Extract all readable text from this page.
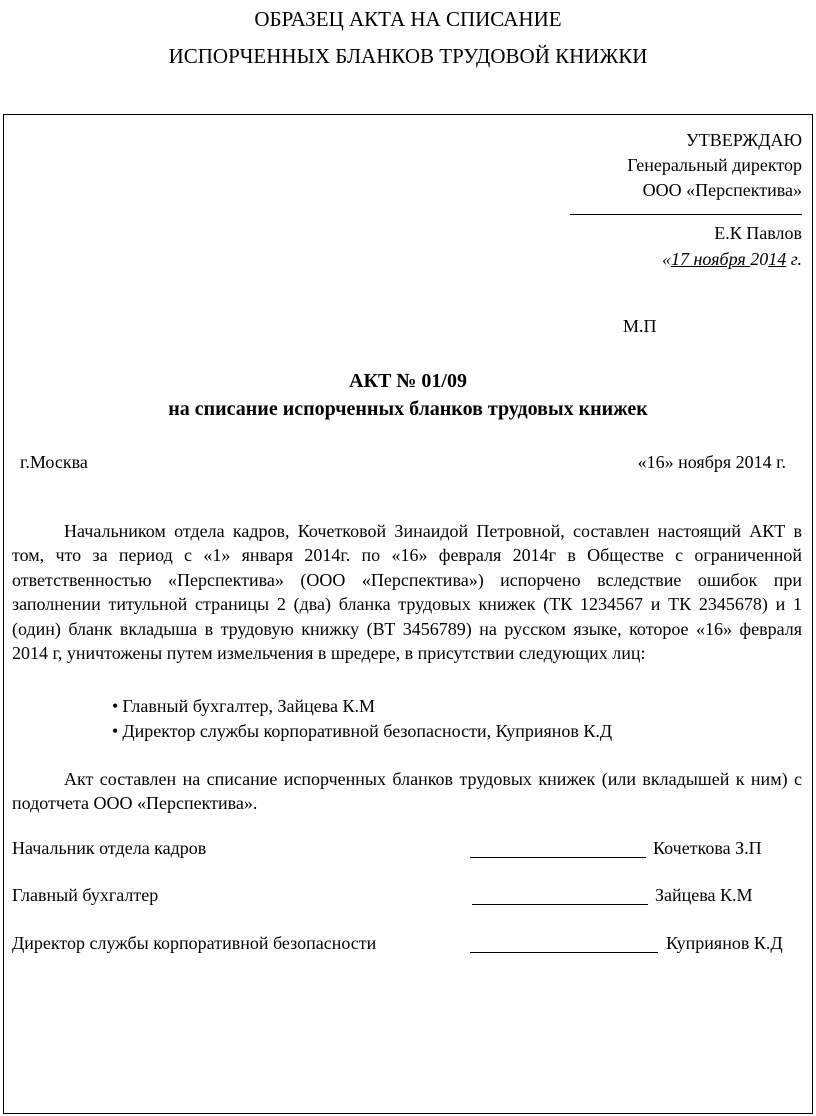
ОБРАЗЕЦ АКТА НА СПИСАНИЕ
ИСПОРЧЕННЫХ БЛАНКОВ ТРУДОВОЙ КНИЖКИ
УТВЕРЖДАЮ
Генеральный директор
ООО «Перспектива»
Е.К Павлов
«17 ноября 2014 г.
М.П
АКТ № 01/09
на списание испорченных бланков трудовых книжек
г.Москва	«16» ноября 2014 г.

Начальником отдела кадров, Кочетковой Зинаидой Петровной, составлен настоящий АКТ в том, что за период с «1» января 2014г. по «16» февраля 2014г в Обществе с ограниченной ответственностью «Перспектива» (ООО «Перспектива») испорчено вследствие ошибок при заполнении титульной страницы 2 (два) бланка трудовых книжек (ТК 1234567 и ТК 2345678) и 1 (один) бланк вкладыша в трудовую книжку (ВТ 3456789) на русском языке, которое «16» февраля 2014 г, уничтожены путем измельчения в шредере, в присутствии следующих лиц:

• Главный бухгалтер, Зайцева К.М
• Директор службы корпоративной безопасности, Куприянов К.Д

Акт составлен на списание испорченных бланков трудовых книжек (или вкладышей к ним) с подотчета ООО «Перспектива».

Начальник отдела кадров	Кочеткова З.П
Главный бухгалтер	Зайцева К.М
Директор службы корпоративной безопасности	Куприянов К.Д
